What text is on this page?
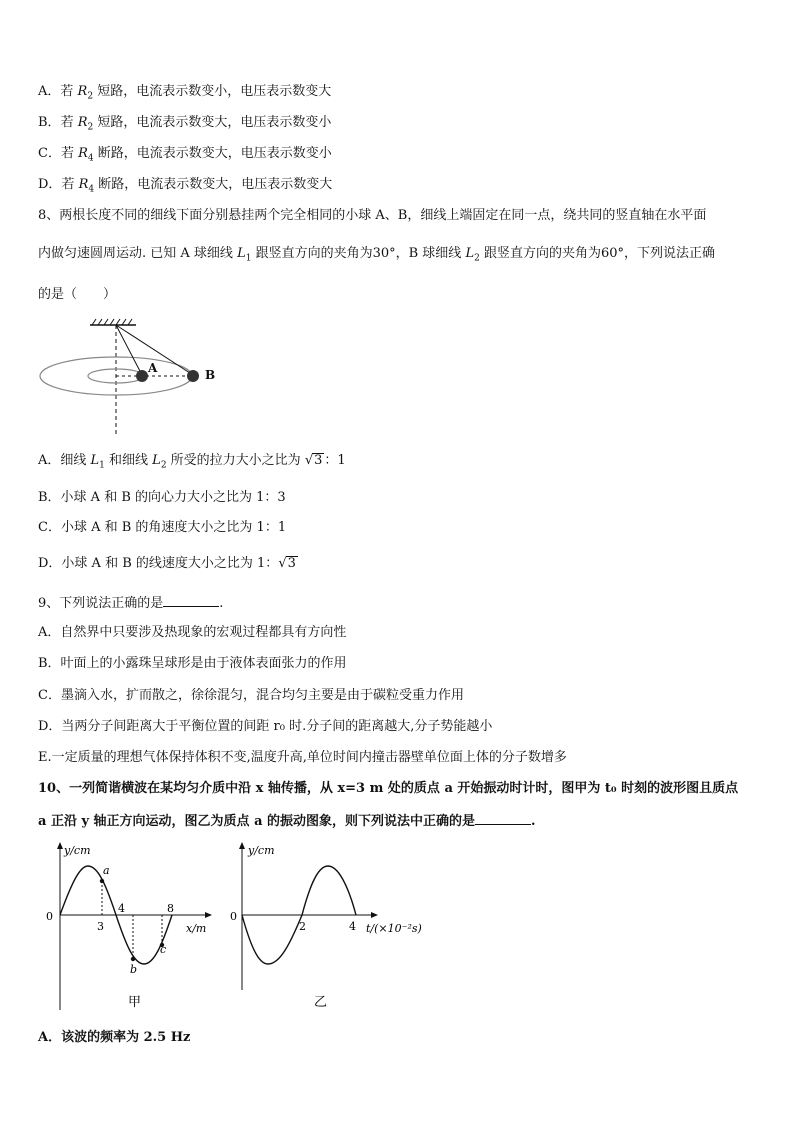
A．若 $R_2$ 短路，电流表示数变小，电压表示数变大
B．若 $R_2$ 短路，电流表示数变大，电压表示数变小
C．若 $R_4$ 断路，电流表示数变大，电压表示数变小
D．若 $R_4$ 断路，电流表示数变大，电压表示数变大
8、两根长度不同的细线下面分别悬挂两个完全相同的小球 A、B，细线上端固定在同一点，绕共同的竖直轴在水平面
内做匀速圆周运动. 已知 A 球细线 $L_1$ 跟竖直方向的夹角为30°，B 球细线 $L_2$ 跟竖直方向的夹角为60°，下列说法正确
的是（　　）
A	B
A．细线 $L_1$ 和细线 $L_2$ 所受的拉力大小之比为 √3 ：1
B．小球 A 和 B 的向心力大小之比为 1：3
C．小球 A 和 B 的角速度大小之比为 1：1
D．小球 A 和 B 的线速度大小之比为 1：√3
9、下列说法正确的是	.
A．自然界中只要涉及热现象的宏观过程都具有方向性
B．叶面上的小露珠呈球形是由于液体表面张力的作用
C．墨滴入水，扩而散之，徐徐混匀，混合均匀主要是由于碳粒受重力作用
D．当两分子间距离大于平衡位置的间距 r₀ 时.分子间的距离越大,分子势能越小
E.一定质量的理想气体保持体积不变,温度升高,单位时间内撞击器壁单位面上体的分子数增多
10、一列简谐横波在某均匀介质中沿 x 轴传播，从 x=3 m 处的质点 a 开始振动时计时，图甲为 t₀ 时刻的波形图且质点
a 正沿 y 轴正方向运动，图乙为质点 a 的振动图象，则下列说法中正确的是	.
y/cm
x/m
0
a
b
c
3
4	8
甲
y/cm
t/(×10⁻²s)
0
2	4
乙
A．该波的频率为 2.5 Hz
